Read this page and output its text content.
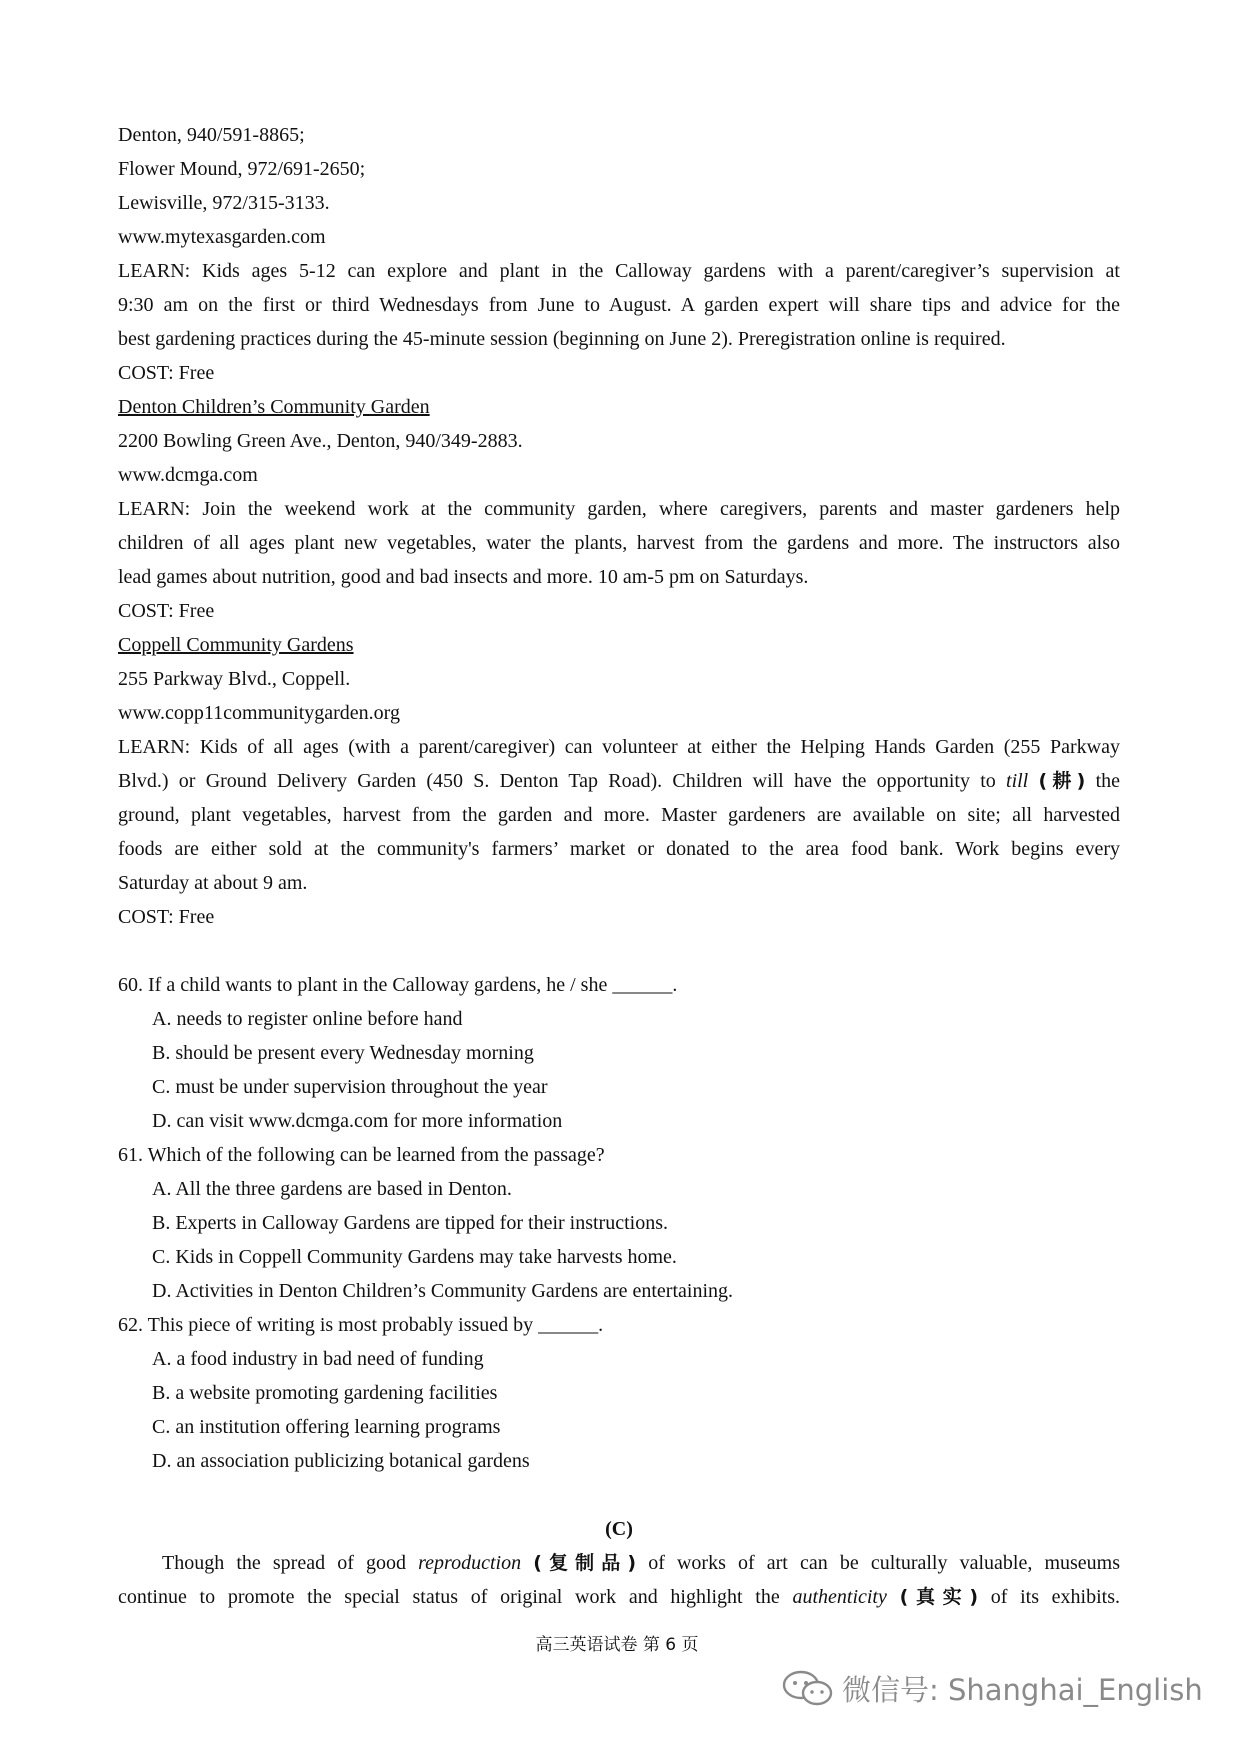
Denton, 940/591-8865;
Flower Mound, 972/691-2650;
Lewisville, 972/315-3133.
www.mytexasgarden.com
LEARN: Kids ages 5-12 can explore and plant in the Calloway gardens with a parent/caregiver’s supervision at
9:30 am on the first or third Wednesdays from June to August. A garden expert will share tips and advice for the
best gardening practices during the 45-minute session (beginning on June 2). Preregistration online is required.
COST: Free
Denton Children’s Community Garden
2200 Bowling Green Ave., Denton, 940/349-2883.
www.dcmga.com
LEARN: Join the weekend work at the community garden, where caregivers, parents and master gardeners help
children of all ages plant new vegetables, water the plants, harvest from the gardens and more. The instructors also
lead games about nutrition, good and bad insects and more. 10 am-5 pm on Saturdays.
COST: Free
Coppell Community Gardens
255 Parkway Blvd., Coppell.
www.copp11communitygarden.org
LEARN: Kids of all ages (with a parent/caregiver) can volunteer at either the Helping Hands Garden (255 Parkway
Blvd.) or Ground Delivery Garden (450 S. Denton Tap Road). Children will have the opportunity to till (耕) the
ground, plant vegetables, harvest from the garden and more. Master gardeners are available on site; all harvested
foods are either sold at the community's farmers’ market or donated to the area food bank. Work begins every
Saturday at about 9 am.
COST: Free
60. If a child wants to plant in the Calloway gardens, he / she ______.
A. needs to register online before hand
B. should be present every Wednesday morning
C. must be under supervision throughout the year
D. can visit www.dcmga.com for more information
61. Which of the following can be learned from the passage?
A. All the three gardens are based in Denton.
B. Experts in Calloway Gardens are tipped for their instructions.
C. Kids in Coppell Community Gardens may take harvests home.
D. Activities in Denton Children’s Community Gardens are entertaining.
62. This piece of writing is most probably issued by ______.
A. a food industry in bad need of funding
B. a website promoting gardening facilities
C. an institution offering learning programs
D. an association publicizing botanical gardens
(C)
Though the spread of good reproduction (复制品) of works of art can be culturally valuable, museums
continue to promote the special status of original work and highlight the authenticity (真实) of its exhibits.
高三英语试卷 第 6 页
微信号: Shanghai_English
